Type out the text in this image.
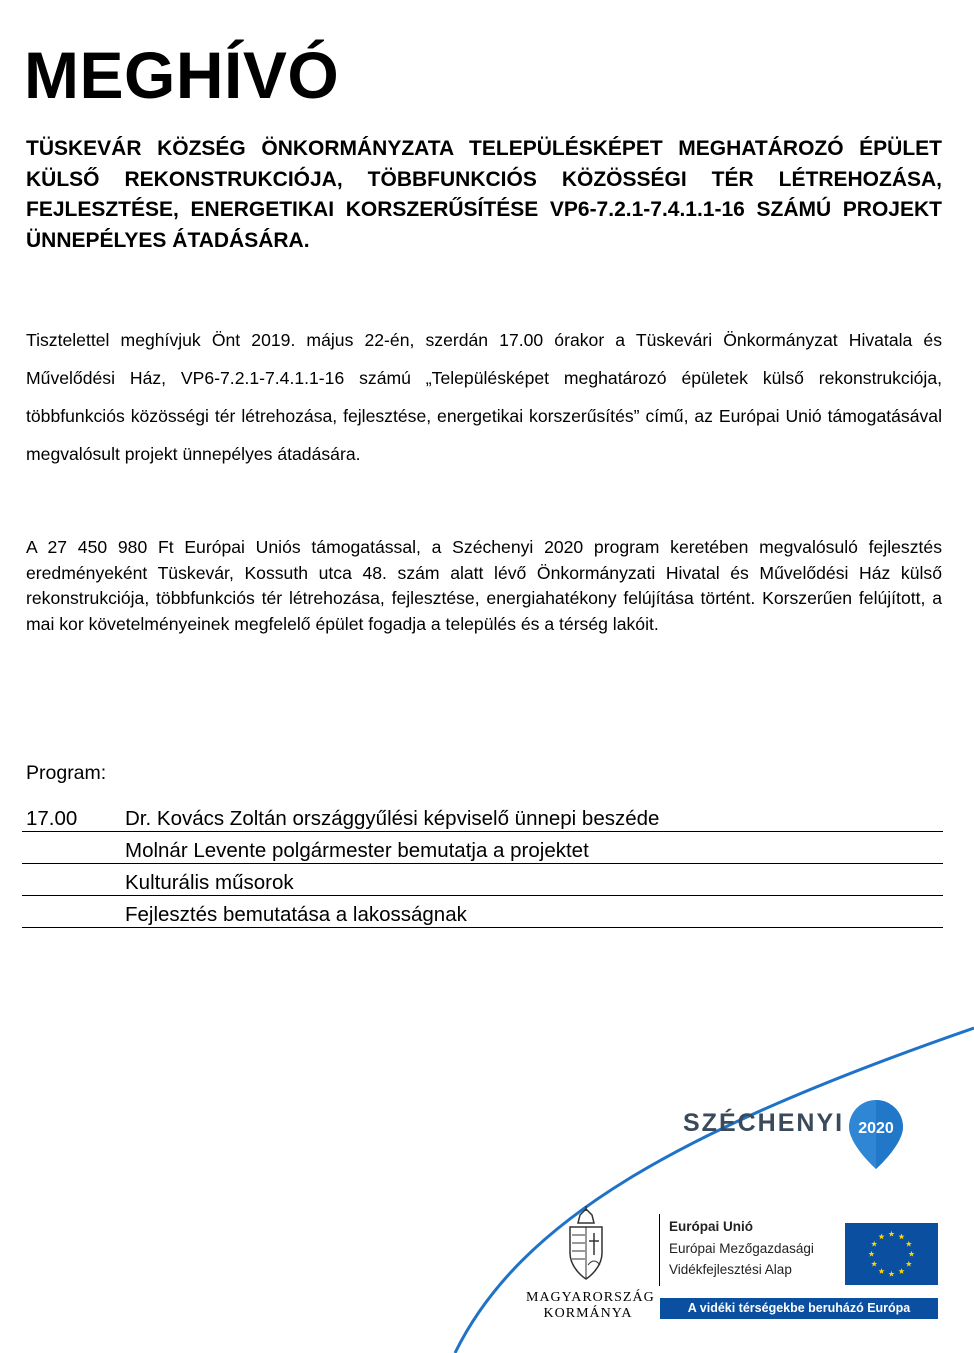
MEGHÍVÓ

TÜSKEVÁR KÖZSÉG ÖNKORMÁNYZATA TELEPÜLÉSKÉPET MEGHATÁROZÓ ÉPÜLET KÜLSŐ REKONSTRUKCIÓJA, TÖBBFUNKCIÓS KÖZÖSSÉGI TÉR LÉTREHOZÁSA, FEJLESZTÉSE, ENERGETIKAI KORSZERŰSÍTÉSE VP6-7.2.1-7.4.1.1-16 SZÁMÚ PROJEKT ÜNNEPÉLYES ÁTADÁSÁRA.

Tisztelettel meghívjuk Önt 2019. május 22-én, szerdán 17.00 órakor a Tüskevári Önkormányzat Hivatala és Művelődési Ház, VP6-7.2.1-7.4.1.1-16 számú „Településképet meghatározó épületek külső rekonstrukciója, többfunkciós közösségi tér létrehozása, fejlesztése, energetikai korszerűsítés” című, az Európai Unió támogatásával megvalósult projekt ünnepélyes átadására.

A 27 450 980 Ft Európai Uniós támogatással, a Széchenyi 2020 program keretében megvalósuló fejlesztés eredményeként Tüskevár, Kossuth utca 48. szám alatt lévő Önkormányzati Hivatal és Művelődési Ház külső rekonstrukciója, többfunkciós tér létrehozása, fejlesztése, energiahatékony felújítása történt. Korszerűen felújított, a mai kor követelményeinek megfelelő épület fogadja a település és a térség lakóit.

Program:

17.00	Dr. Kovács Zoltán országgyűlési képviselő ünnepi beszéde
	Molnár Levente polgármester bemutatja a projektet
	Kulturális műsorok
	Fejlesztés bemutatása a lakosságnak
SZÉCHENYI 2020
MAGYARORSZÁG
KORMÁNYA
Európai Unió
Európai Mezőgazdasági
Vidékfejlesztési Alap
A vidéki térségekbe beruházó Európa
